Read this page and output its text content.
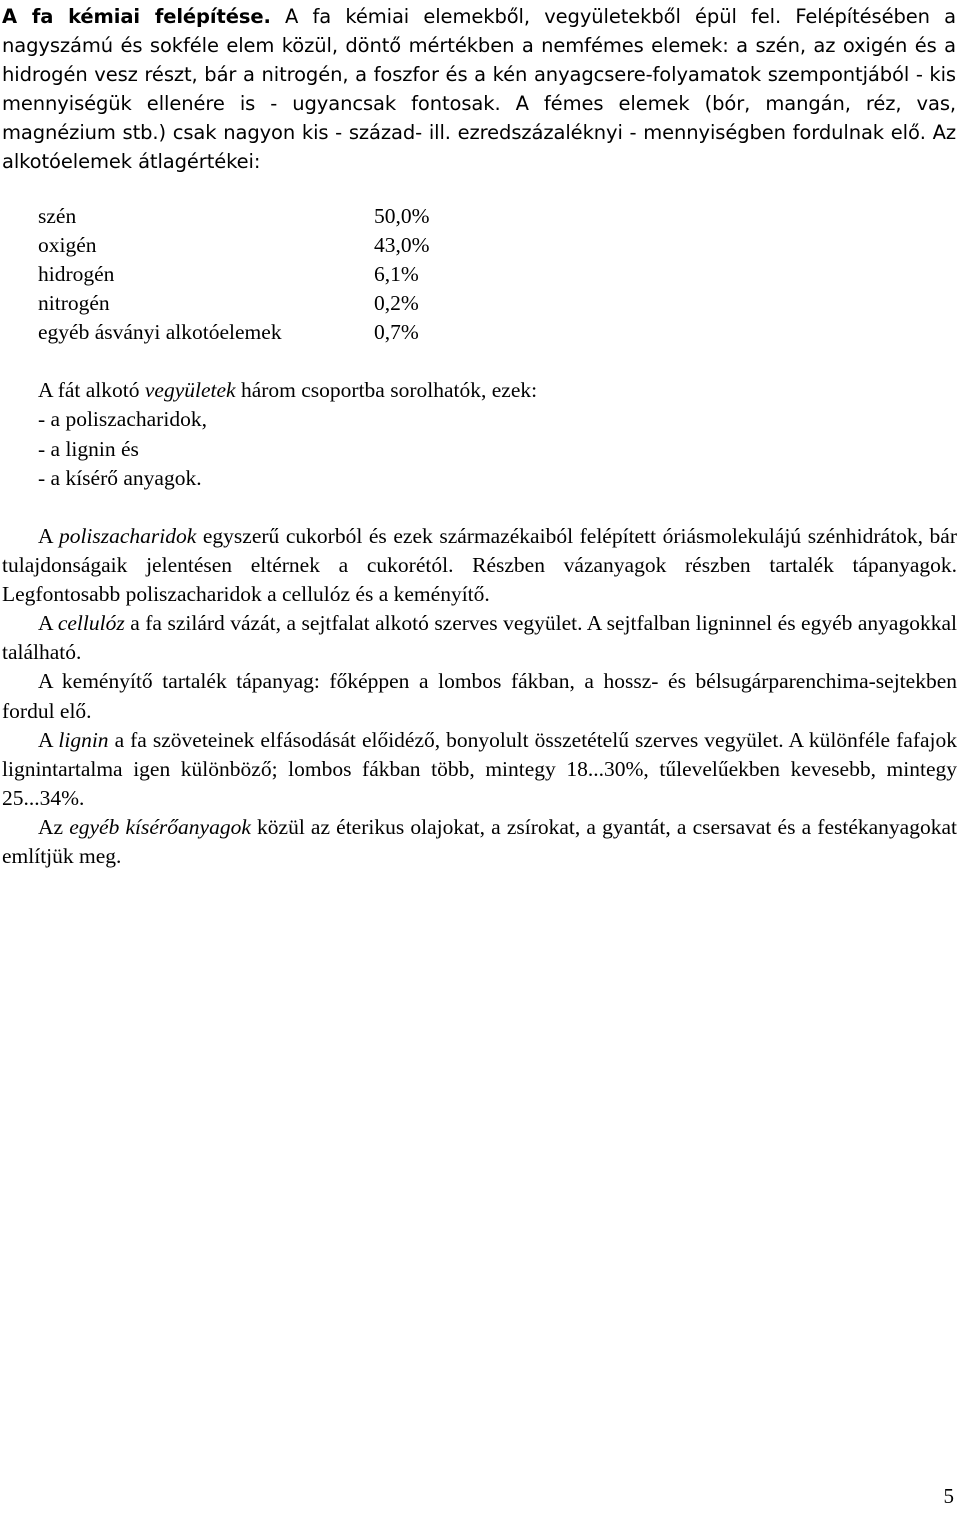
A fa kémiai felépítése. A fa kémiai elemekből, vegyületekből épül fel. Felépítésében a nagyszámú és sokféle elem közül, döntő mértékben a nemfémes elemek: a szén, az oxigén és a hidrogén vesz részt, bár a nitrogén, a foszfor és a kén anyagcsere-folyamatok szempontjából - kis mennyiségük ellenére is - ugyancsak fontosak. A fémes elemek (bór, mangán, réz, vas, magnézium stb.) csak nagyon kis - század- ill. ezredszázaléknyi - mennyiségben fordulnak elő. Az alkotóelemek átlagértékei:
szén	50,0%
oxigén	43,0%
hidrogén	6,1%
nitrogén	0,2%
egyéb ásványi alkotóelemek	0,7%
A fát alkotó vegyületek három csoportba sorolhatók, ezek:
- a poliszacharidok,
- a lignin és
- a kísérő anyagok.

A poliszacharidok egyszerű cukorból és ezek származékaiból felépített óriásmolekulájú szénhidrátok, bár tulajdonságaik jelentésen eltérnek a cukorétól. Részben vázanyagok részben tartalék tápanyagok. Legfontosabb poliszacharidok a cellulóz és a keményítő.

A cellulóz a fa szilárd vázát, a sejtfalat alkotó szerves vegyület. A sejtfalban ligninnel és egyéb anyagokkal található.

A keményítő tartalék tápanyag: főképpen a lombos fákban, a hossz- és bélsugárparenchima-sejtekben fordul elő.

A lignin a fa szöveteinek elfásodását előidéző, bonyolult összetételű szerves vegyület. A különféle fafajok lignintartalma igen különböző; lombos fákban több, mintegy 18...30%, tűlevelűekben kevesebb, mintegy 25...34%.

Az egyéb kísérőanyagok közül az éterikus olajokat, a zsírokat, a gyantát, a csersavat és a festékanyagokat említjük meg.

5
